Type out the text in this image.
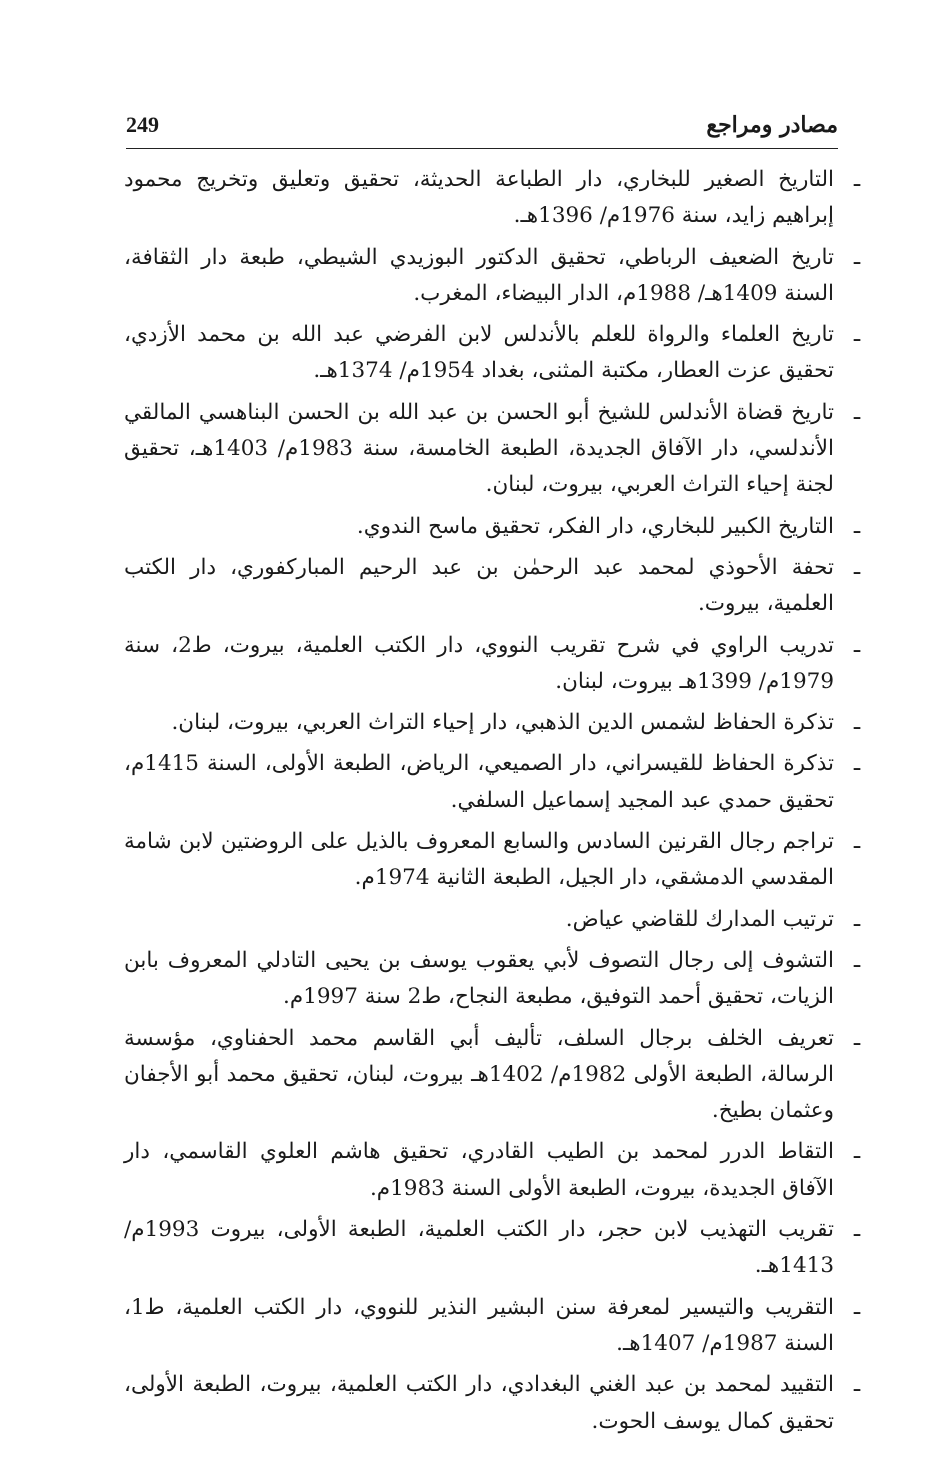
مصادر ومراجع
249
ـ
التاريخ الصغير للبخاري، دار الطباعة الحديثة، تحقيق وتعليق وتخريج محمود إبراهيم زايد، سنة 1976م/ 1396هـ.
ـ
تاريخ الضعيف الرباطي، تحقيق الدكتور البوزيدي الشيطي، طبعة دار الثقافة، السنة 1409هـ/ 1988م، الدار البيضاء، المغرب.
ـ
تاريخ العلماء والرواة للعلم بالأندلس لابن الفرضي عبد الله بن محمد الأزدي، تحقيق عزت العطار، مكتبة المثنى، بغداد 1954م/ 1374هـ.
ـ
تاريخ قضاة الأندلس للشيخ أبو الحسن بن عبد الله بن الحسن البناهسي المالقي الأندلسي، دار الآفاق الجديدة، الطبعة الخامسة، سنة 1983م/ 1403هـ، تحقيق لجنة إحياء التراث العربي، بيروت، لبنان.
ـ
التاريخ الكبير للبخاري، دار الفكر، تحقيق ماسح الندوي.
ـ
تحفة الأحوذي لمحمد عبد الرحمٰن بن عبد الرحيم المباركفوري، دار الكتب العلمية، بيروت.
ـ
تدريب الراوي في شرح تقريب النووي، دار الكتب العلمية، بيروت، ط2، سنة 1979م/ 1399هـ بيروت، لبنان.
ـ
تذكرة الحفاظ لشمس الدين الذهبي، دار إحياء التراث العربي، بيروت، لبنان.
ـ
تذكرة الحفاظ للقيسراني، دار الصميعي، الرياض، الطبعة الأولى، السنة 1415م، تحقيق حمدي عبد المجيد إسماعيل السلفي.
ـ
تراجم رجال القرنين السادس والسابع المعروف بالذيل على الروضتين لابن شامة المقدسي الدمشقي، دار الجيل، الطبعة الثانية 1974م.
ـ
ترتيب المدارك للقاضي عياض.
ـ
التشوف إلى رجال التصوف لأبي يعقوب يوسف بن يحيى التادلي المعروف بابن الزيات، تحقيق أحمد التوفيق، مطبعة النجاح، ط2 سنة 1997م.
ـ
تعريف الخلف برجال السلف، تأليف أبي القاسم محمد الحفناوي، مؤسسة الرسالة، الطبعة الأولى 1982م/ 1402هـ بيروت، لبنان، تحقيق محمد أبو الأجفان وعثمان بطيخ.
ـ
التقاط الدرر لمحمد بن الطيب القادري، تحقيق هاشم العلوي القاسمي، دار الآفاق الجديدة، بيروت، الطبعة الأولى السنة 1983م.
ـ
تقريب التهذيب لابن حجر، دار الكتب العلمية، الطبعة الأولى، بيروت 1993م/ 1413هـ.
ـ
التقريب والتيسير لمعرفة سنن البشير النذير للنووي، دار الكتب العلمية، ط1، السنة 1987م/ 1407هـ.
ـ
التقييد لمحمد بن عبد الغني البغدادي، دار الكتب العلمية، بيروت، الطبعة الأولى، تحقيق كمال يوسف الحوت.
